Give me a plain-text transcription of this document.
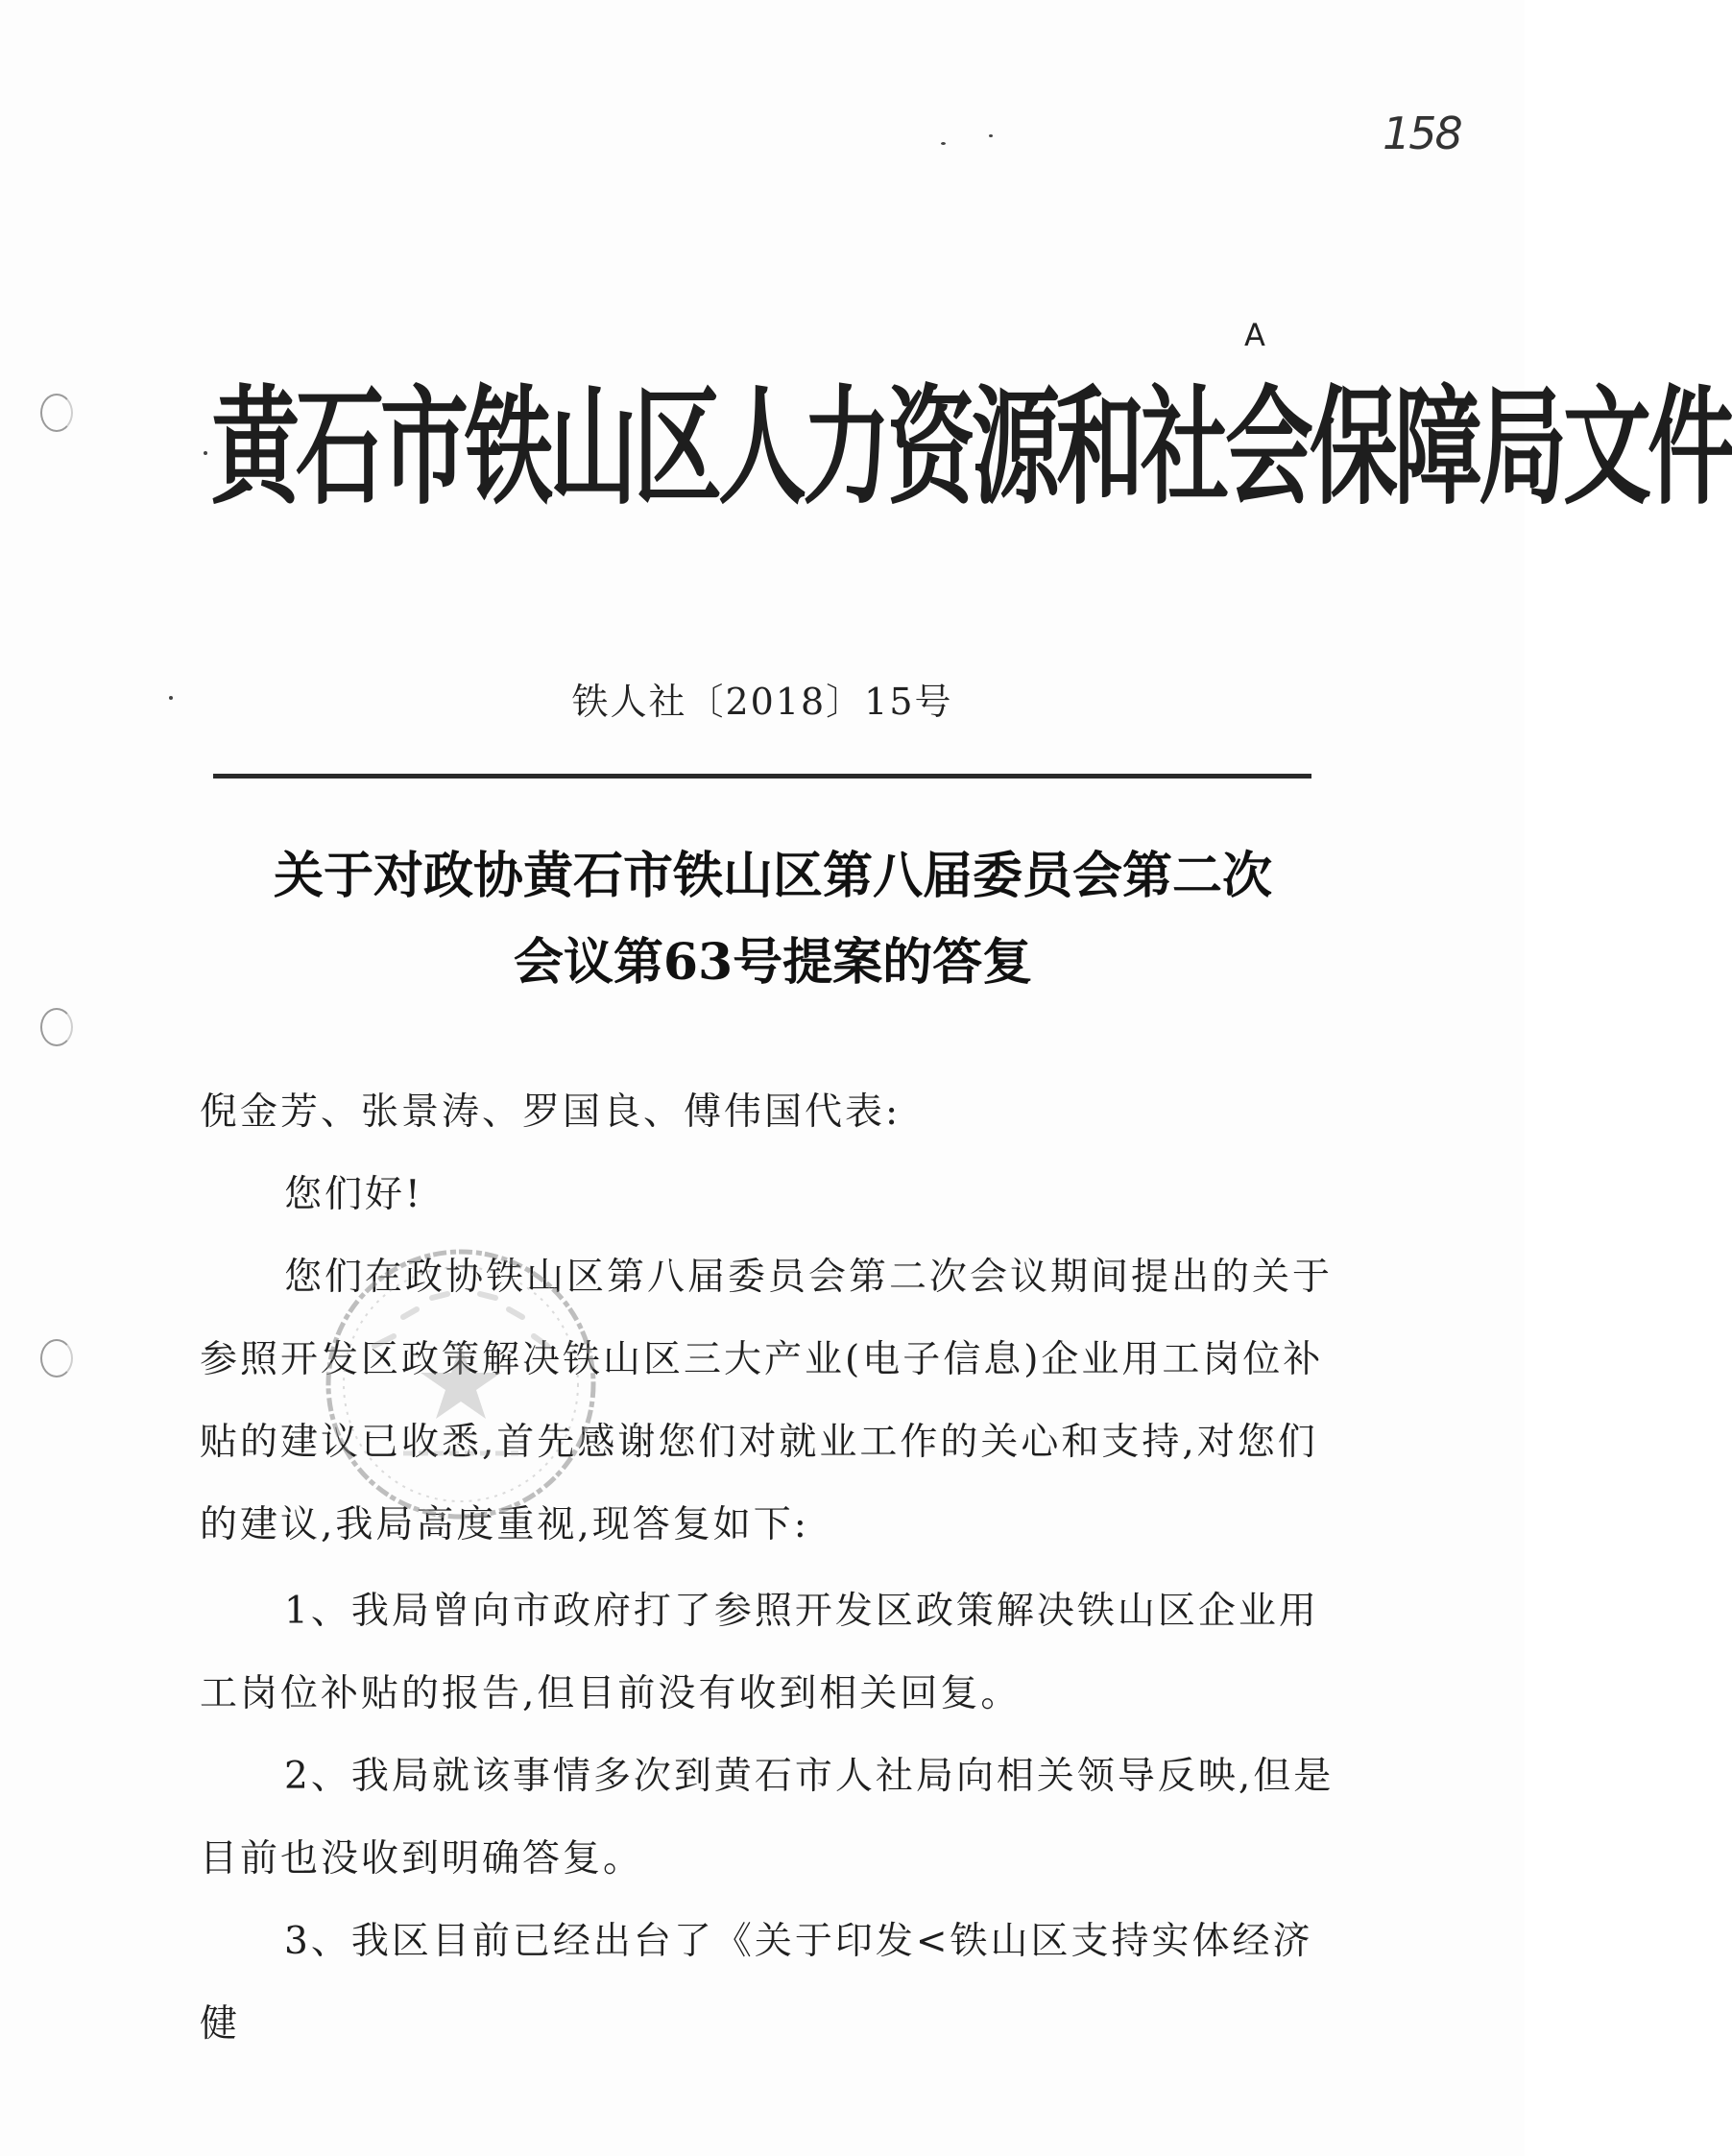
158
A
黄石市铁山区人力资源和社会保障局文件
铁人社〔2018〕15号
关于对政协黄石市铁山区第八届委员会第二次
会议第63号提案的答复

倪金芳、张景涛、罗国良、傅伟国代表:

您们好!

您们在政协铁山区第八届委员会第二次会议期间提出的关于参照开发区政策解决铁山区三大产业(电子信息)企业用工岗位补贴的建议已收悉,首先感谢您们对就业工作的关心和支持,对您们的建议,我局高度重视,现答复如下:

1、我局曾向市政府打了参照开发区政策解决铁山区企业用工岗位补贴的报告,但目前没有收到相关回复。

2、我局就该事情多次到黄石市人社局向相关领导反映,但是目前也没收到明确答复。

3、我区目前已经出台了《关于印发<铁山区支持实体经济健
